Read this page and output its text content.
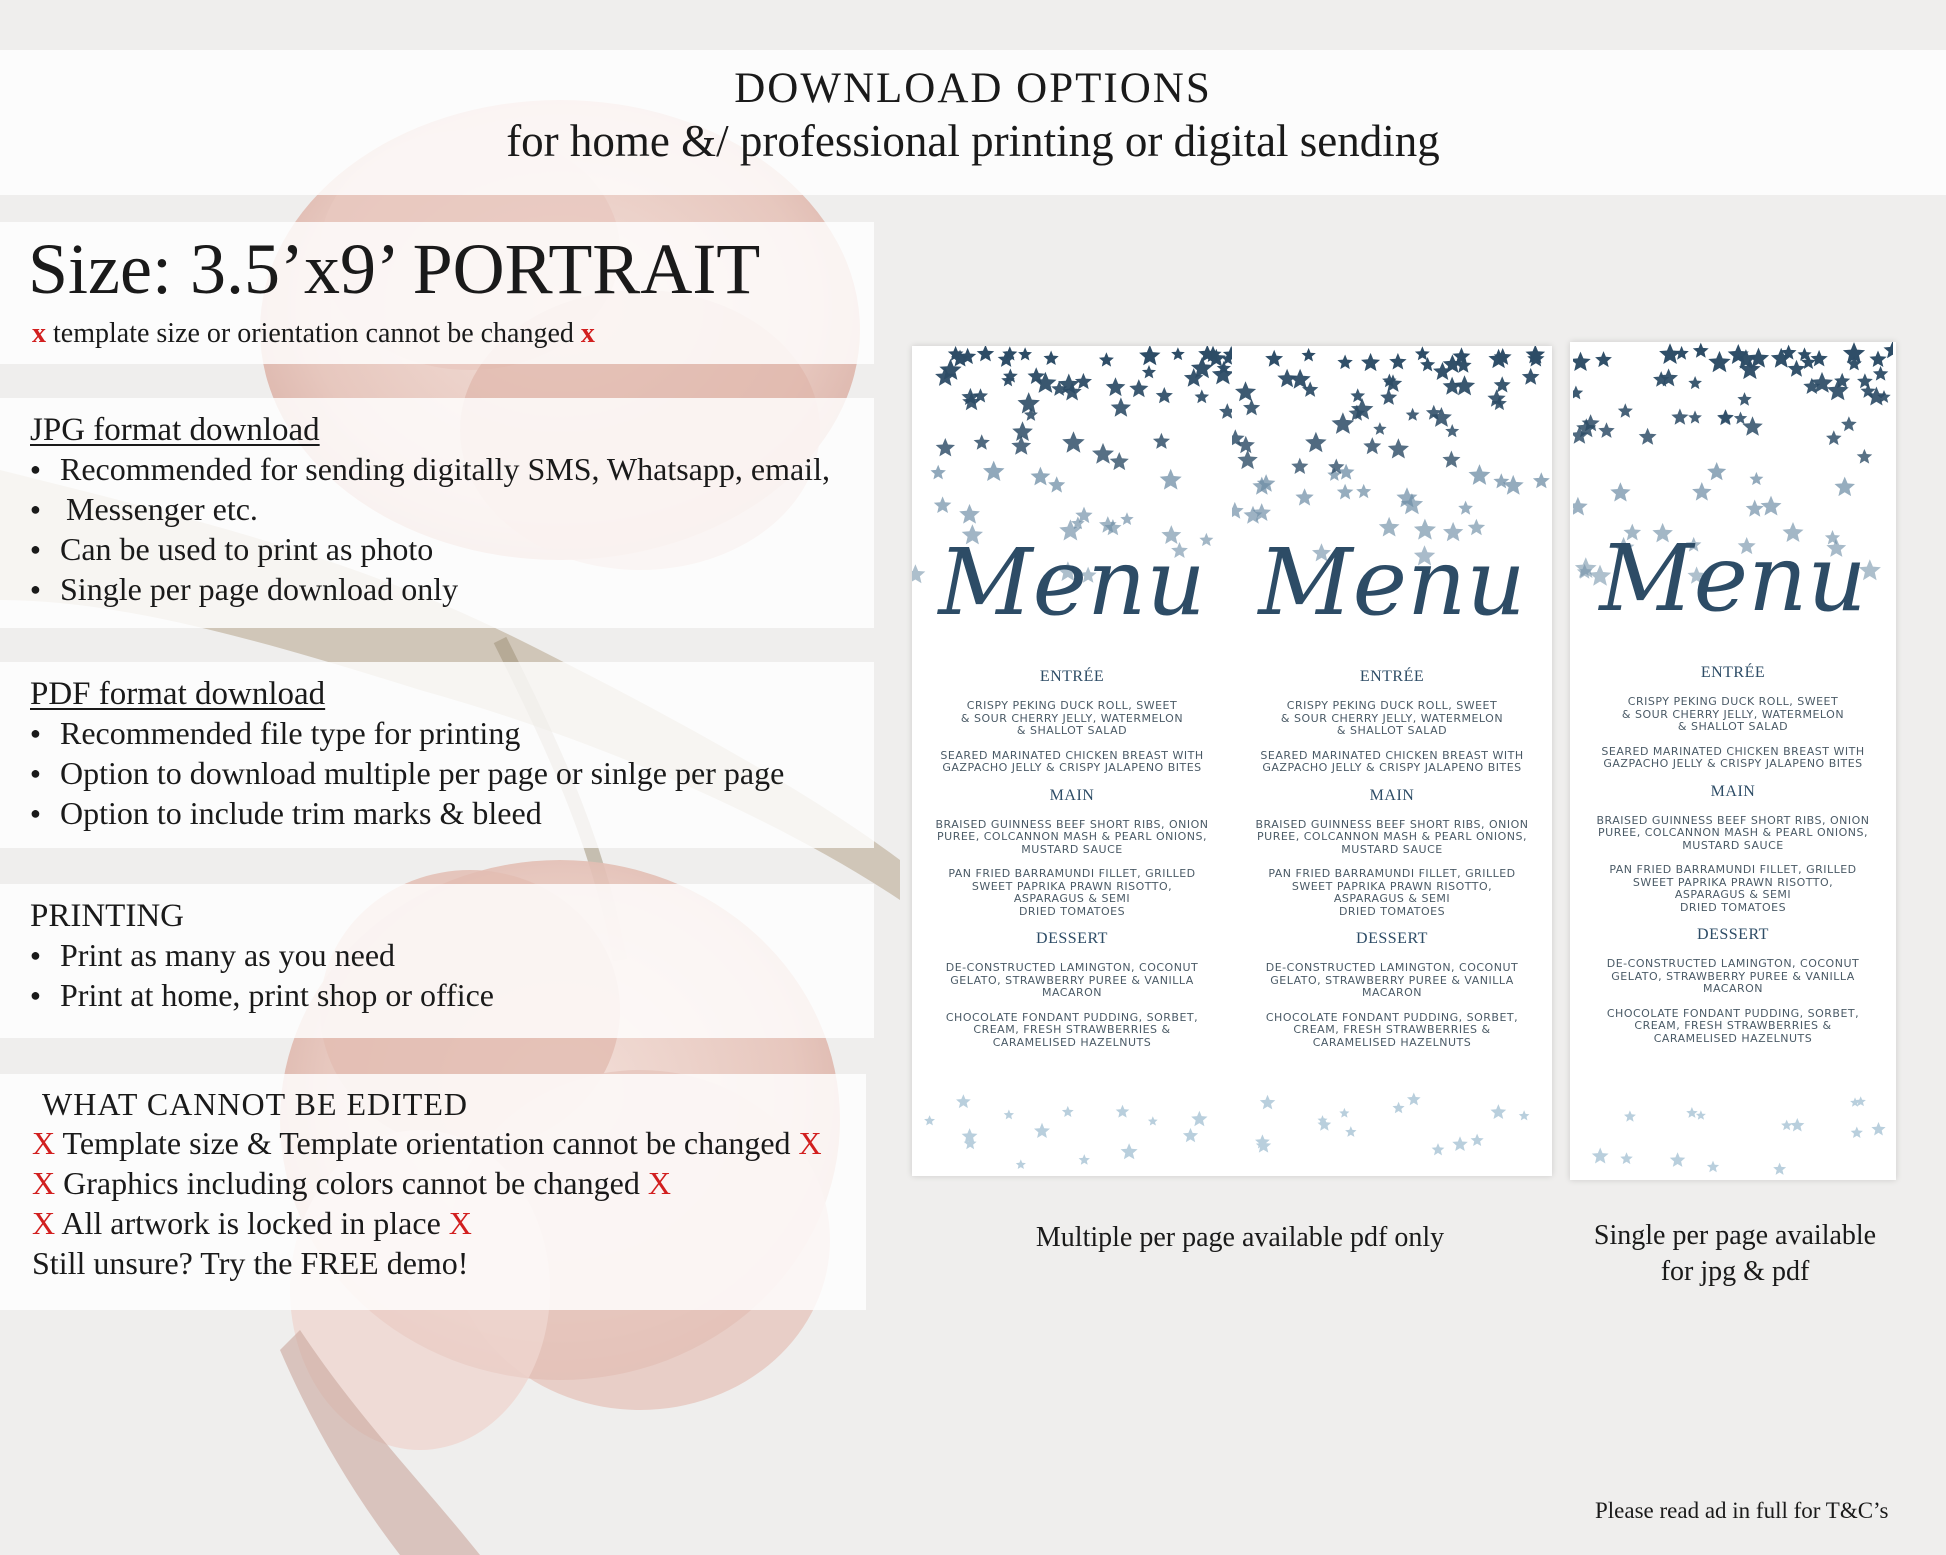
DOWNLOAD OPTIONS
for home &/ professional printing or digital sending
Size: 3.5’x9’ PORTRAIT
x template size or orientation cannot be changed x
JPG format download
● Recommended for sending digitally SMS, Whatsapp, email,
● Messenger etc.
● Can be used to print as photo
● Single per page download only
PDF format download
● Recommended file type for printing
● Option to download multiple per page or sinlge per page
● Option to include trim marks & bleed
PRINTING
● Print as many as you need
● Print at home, print shop or office
WHAT CANNOT BE EDITED
X Template size & Template orientation cannot be changed X
X Graphics including colors cannot be changed X
X All artwork is locked in place X
Still unsure? Try the FREE demo!
Menu
ENTRÉE
CRISPY PEKING DUCK ROLL, SWEET
& SOUR CHERRY JELLY, WATERMELON
& SHALLOT SALAD
SEARED MARINATED CHICKEN BREAST WITH
GAZPACHO JELLY & CRISPY JALAPENO BITES
MAIN
BRAISED GUINNESS BEEF SHORT RIBS, ONION
PUREE, COLCANNON MASH & PEARL ONIONS,
MUSTARD SAUCE
PAN FRIED BARRAMUNDI FILLET, GRILLED
SWEET PAPRIKA PRAWN RISOTTO,
ASPARAGUS & SEMI
DRIED TOMATOES
DESSERT
DE-CONSTRUCTED LAMINGTON, COCONUT
GELATO, STRAWBERRY PUREE & VANILLA
MACARON
CHOCOLATE FONDANT PUDDING, SORBET,
CREAM, FRESH STRAWBERRIES &
CARAMELISED HAZELNUTS
Menu
ENTRÉE
CRISPY PEKING DUCK ROLL, SWEET
& SOUR CHERRY JELLY, WATERMELON
& SHALLOT SALAD
SEARED MARINATED CHICKEN BREAST WITH
GAZPACHO JELLY & CRISPY JALAPENO BITES
MAIN
BRAISED GUINNESS BEEF SHORT RIBS, ONION
PUREE, COLCANNON MASH & PEARL ONIONS,
MUSTARD SAUCE
PAN FRIED BARRAMUNDI FILLET, GRILLED
SWEET PAPRIKA PRAWN RISOTTO,
ASPARAGUS & SEMI
DRIED TOMATOES
DESSERT
DE-CONSTRUCTED LAMINGTON, COCONUT
GELATO, STRAWBERRY PUREE & VANILLA
MACARON
CHOCOLATE FONDANT PUDDING, SORBET,
CREAM, FRESH STRAWBERRIES &
CARAMELISED HAZELNUTS
Menu
ENTRÉE
CRISPY PEKING DUCK ROLL, SWEET
& SOUR CHERRY JELLY, WATERMELON
& SHALLOT SALAD
SEARED MARINATED CHICKEN BREAST WITH
GAZPACHO JELLY & CRISPY JALAPENO BITES
MAIN
BRAISED GUINNESS BEEF SHORT RIBS, ONION
PUREE, COLCANNON MASH & PEARL ONIONS,
MUSTARD SAUCE
PAN FRIED BARRAMUNDI FILLET, GRILLED
SWEET PAPRIKA PRAWN RISOTTO,
ASPARAGUS & SEMI
DRIED TOMATOES
DESSERT
DE-CONSTRUCTED LAMINGTON, COCONUT
GELATO, STRAWBERRY PUREE & VANILLA
MACARON
CHOCOLATE FONDANT PUDDING, SORBET,
CREAM, FRESH STRAWBERRIES &
CARAMELISED HAZELNUTS
Multiple per page available pdf only	Single per page available
for jpg & pdf
Please read ad in full for T&C’s
